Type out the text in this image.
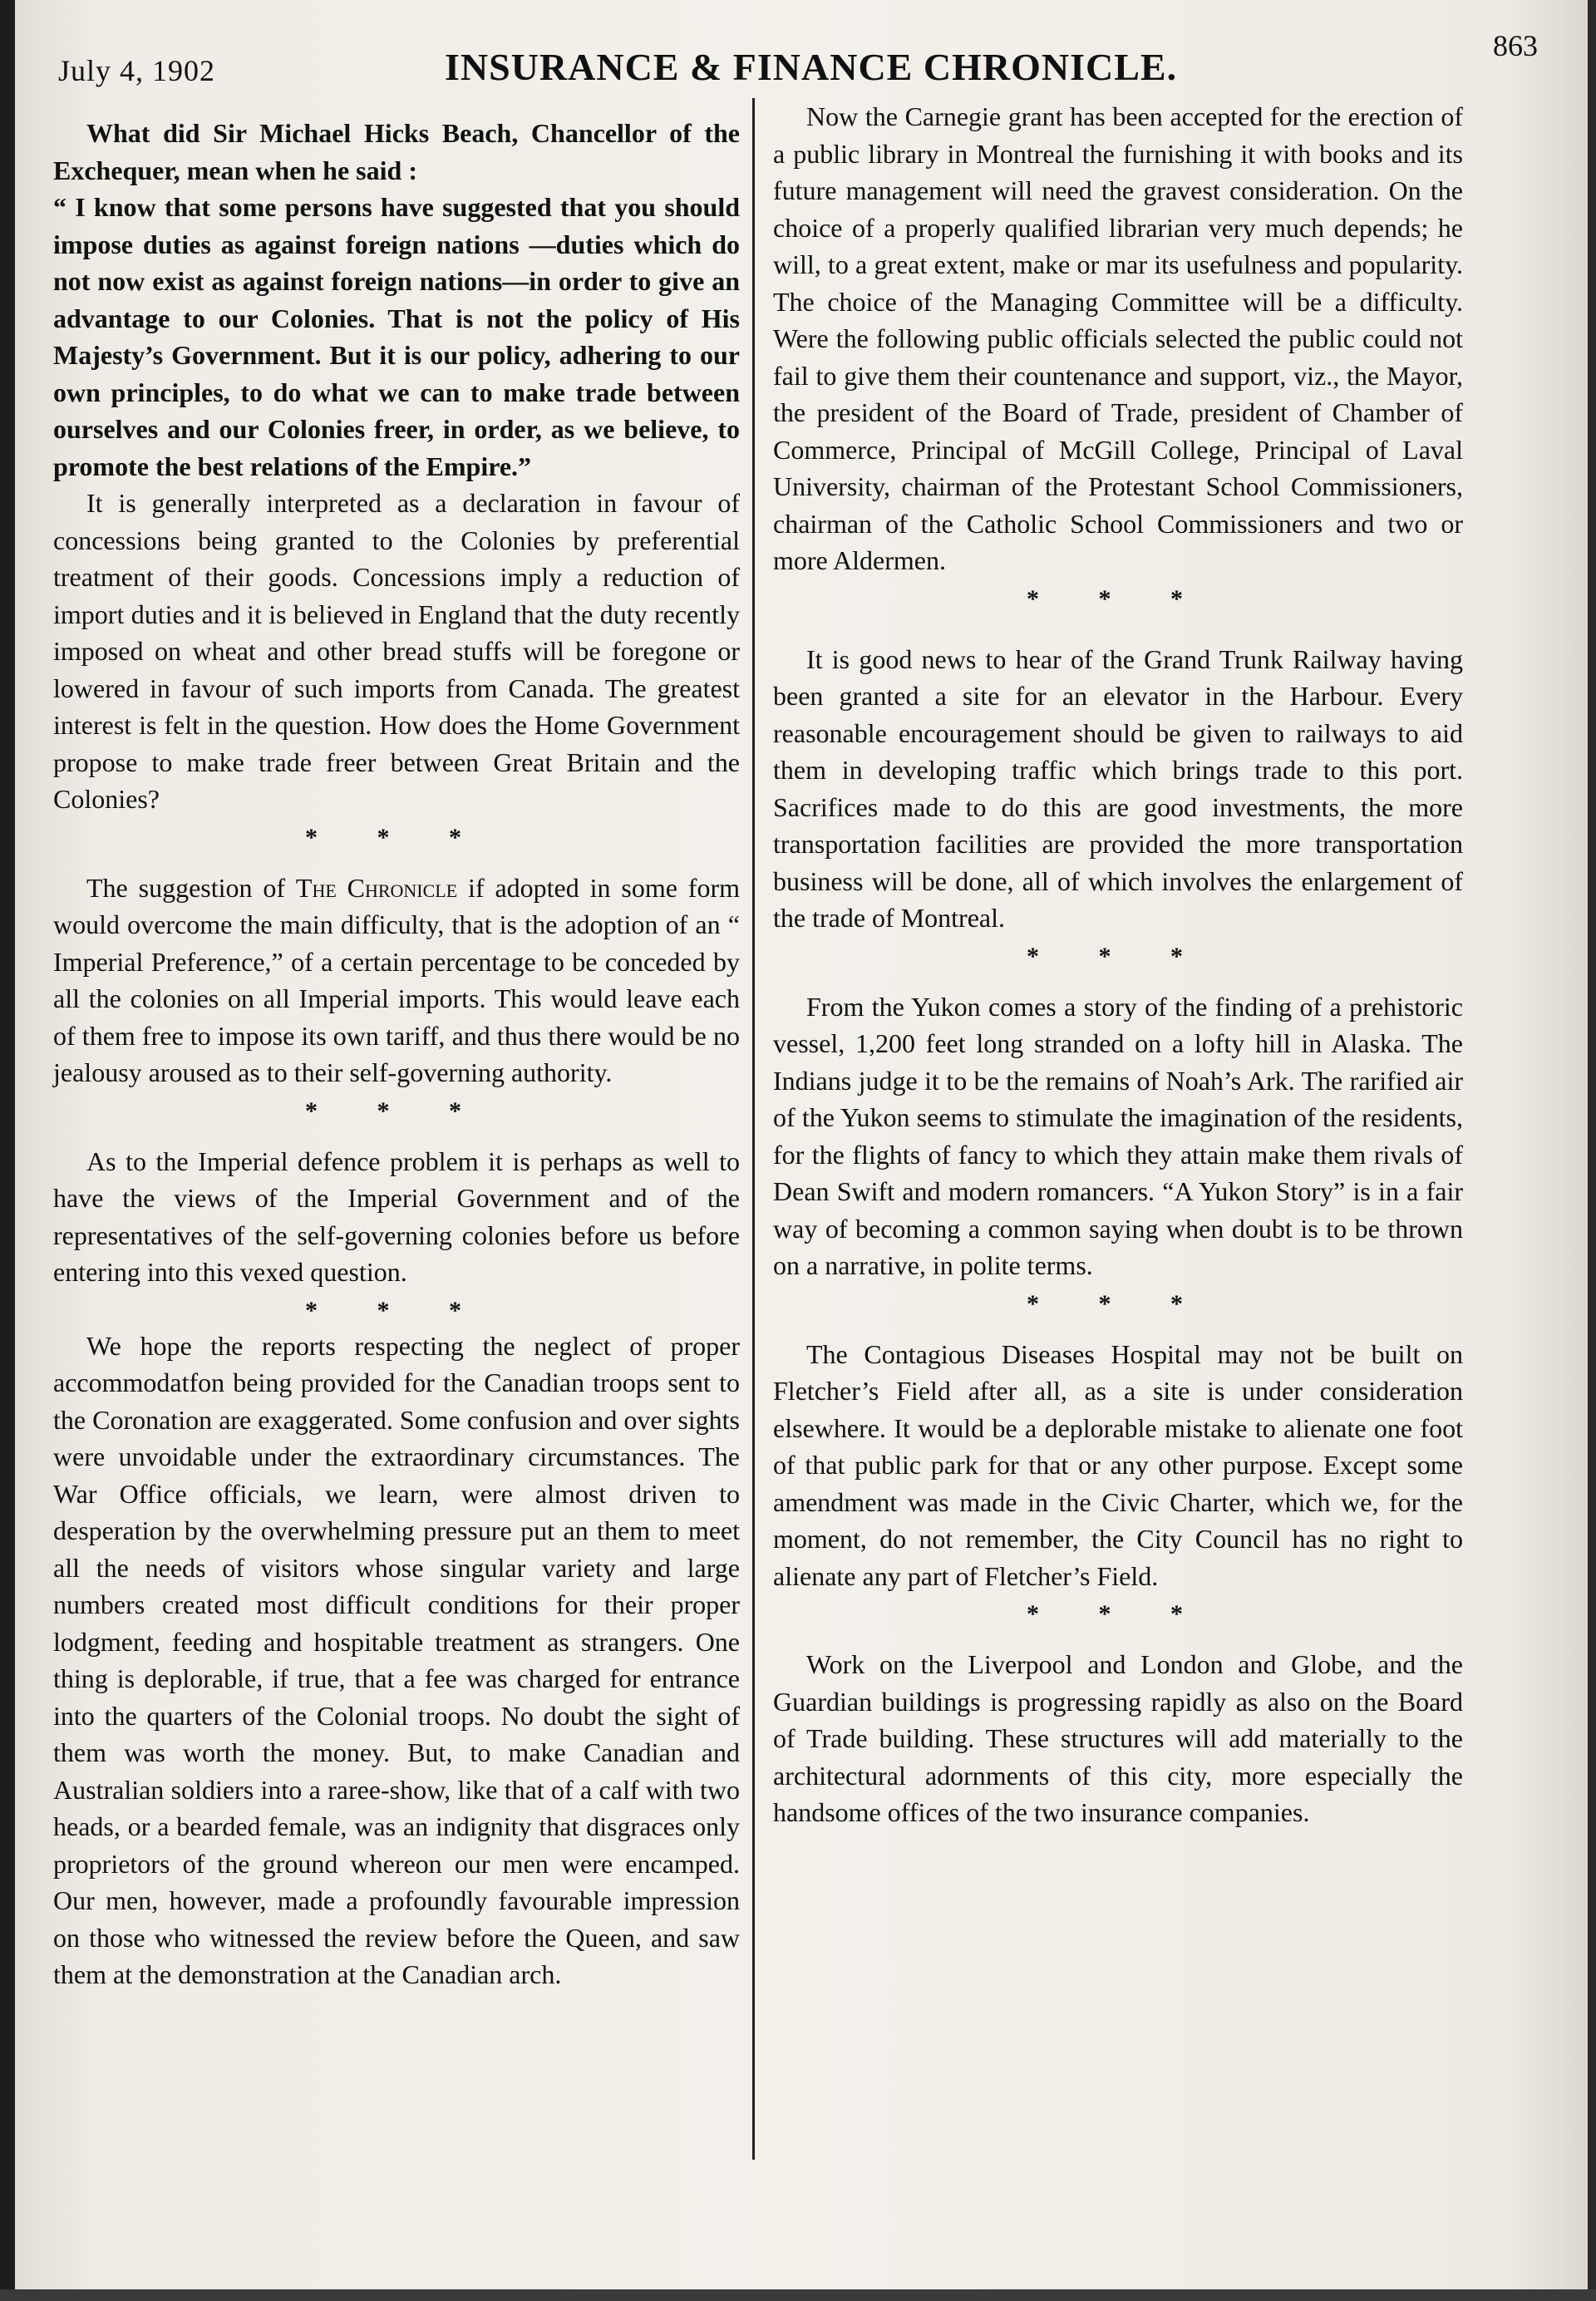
July 4, 1902	INSURANCE & FINANCE CHRONICLE.	863

What did Sir Michael Hicks Beach, Chancellor of the Exchequer, mean when he said :

“ I know that some persons have suggested that you should impose duties as against foreign nations —duties which do not now exist as against foreign nations—in order to give an advantage to our Colonies. That is not the policy of His Majesty’s Government. But it is our policy, adhering to our own principles, to do what we can to make trade between ourselves and our Colonies freer, in order, as we believe, to promote the best relations of the Empire.”

It is generally interpreted as a declaration in favour of concessions being granted to the Colonies by preferential treatment of their goods. Concessions imply a reduction of import duties and it is believed in England that the duty recently imposed on wheat and other bread stuffs will be foregone or lowered in favour of such imports from Canada. The greatest interest is felt in the question. How does the Home Government propose to make trade freer between Great Britain and the Colonies?

* * *

The suggestion of The Chronicle if adopted in some form would overcome the main difficulty, that is the adoption of an “ Imperial Preference,” of a certain percentage to be conceded by all the colonies on all Imperial imports. This would leave each of them free to impose its own tariff, and thus there would be no jealousy aroused as to their self-governing authority.

* * *

As to the Imperial defence problem it is perhaps as well to have the views of the Imperial Government and of the representatives of the self-governing colonies before us before entering into this vexed question.

* * *

We hope the reports respecting the neglect of proper accommodatfon being provided for the Canadian troops sent to the Coronation are exaggerated. Some confusion and over sights were unvoidable under the extraordinary circumstances. The War Office officials, we learn, were almost driven to desperation by the overwhelming pressure put an them to meet all the needs of visitors whose singular variety and large numbers created most difficult conditions for their proper lodgment, feeding and hospitable treatment as strangers. One thing is deplorable, if true, that a fee was charged for entrance into the quarters of the Colonial troops. No doubt the sight of them was worth the money. But, to make Canadian and Australian soldiers into a raree-show, like that of a calf with two heads, or a bearded female, was an indignity that disgraces only proprietors of the ground whereon our men were encamped. Our men, however, made a profoundly favourable impression on those who witnessed the review before the Queen, and saw them at the demonstration at the Canadian arch.

Now the Carnegie grant has been accepted for the erection of a public library in Montreal the furnishing it with books and its future management will need the gravest consideration. On the choice of a properly qualified librarian very much depends; he will, to a great extent, make or mar its usefulness and popularity. The choice of the Managing Committee will be a difficulty. Were the following public officials selected the public could not fail to give them their countenance and support, viz., the Mayor, the president of the Board of Trade, president of Chamber of Commerce, Principal of McGill College, Principal of Laval University, chairman of the Protestant School Commissioners, chairman of the Catholic School Commissioners and two or more Aldermen.

* * *

It is good news to hear of the Grand Trunk Railway having been granted a site for an elevator in the Harbour. Every reasonable encouragement should be given to railways to aid them in developing traffic which brings trade to this port. Sacrifices made to do this are good investments, the more transportation facilities are provided the more transportation business will be done, all of which involves the enlargement of the trade of Montreal.

* * *

From the Yukon comes a story of the finding of a prehistoric vessel, 1,200 feet long stranded on a lofty hill in Alaska. The Indians judge it to be the remains of Noah’s Ark. The rarified air of the Yukon seems to stimulate the imagination of the residents, for the flights of fancy to which they attain make them rivals of Dean Swift and modern romancers. “A Yukon Story” is in a fair way of becoming a common saying when doubt is to be thrown on a narrative, in polite terms.

* * *

The Contagious Diseases Hospital may not be built on Fletcher’s Field after all, as a site is under consideration elsewhere. It would be a deplorable mistake to alienate one foot of that public park for that or any other purpose. Except some amendment was made in the Civic Charter, which we, for the moment, do not remember, the City Council has no right to alienate any part of Fletcher’s Field.

* * *

Work on the Liverpool and London and Globe, and the Guardian buildings is progressing rapidly as also on the Board of Trade building. These structures will add materially to the architectural adornments of this city, more especially the handsome offices of the two insurance companies.
